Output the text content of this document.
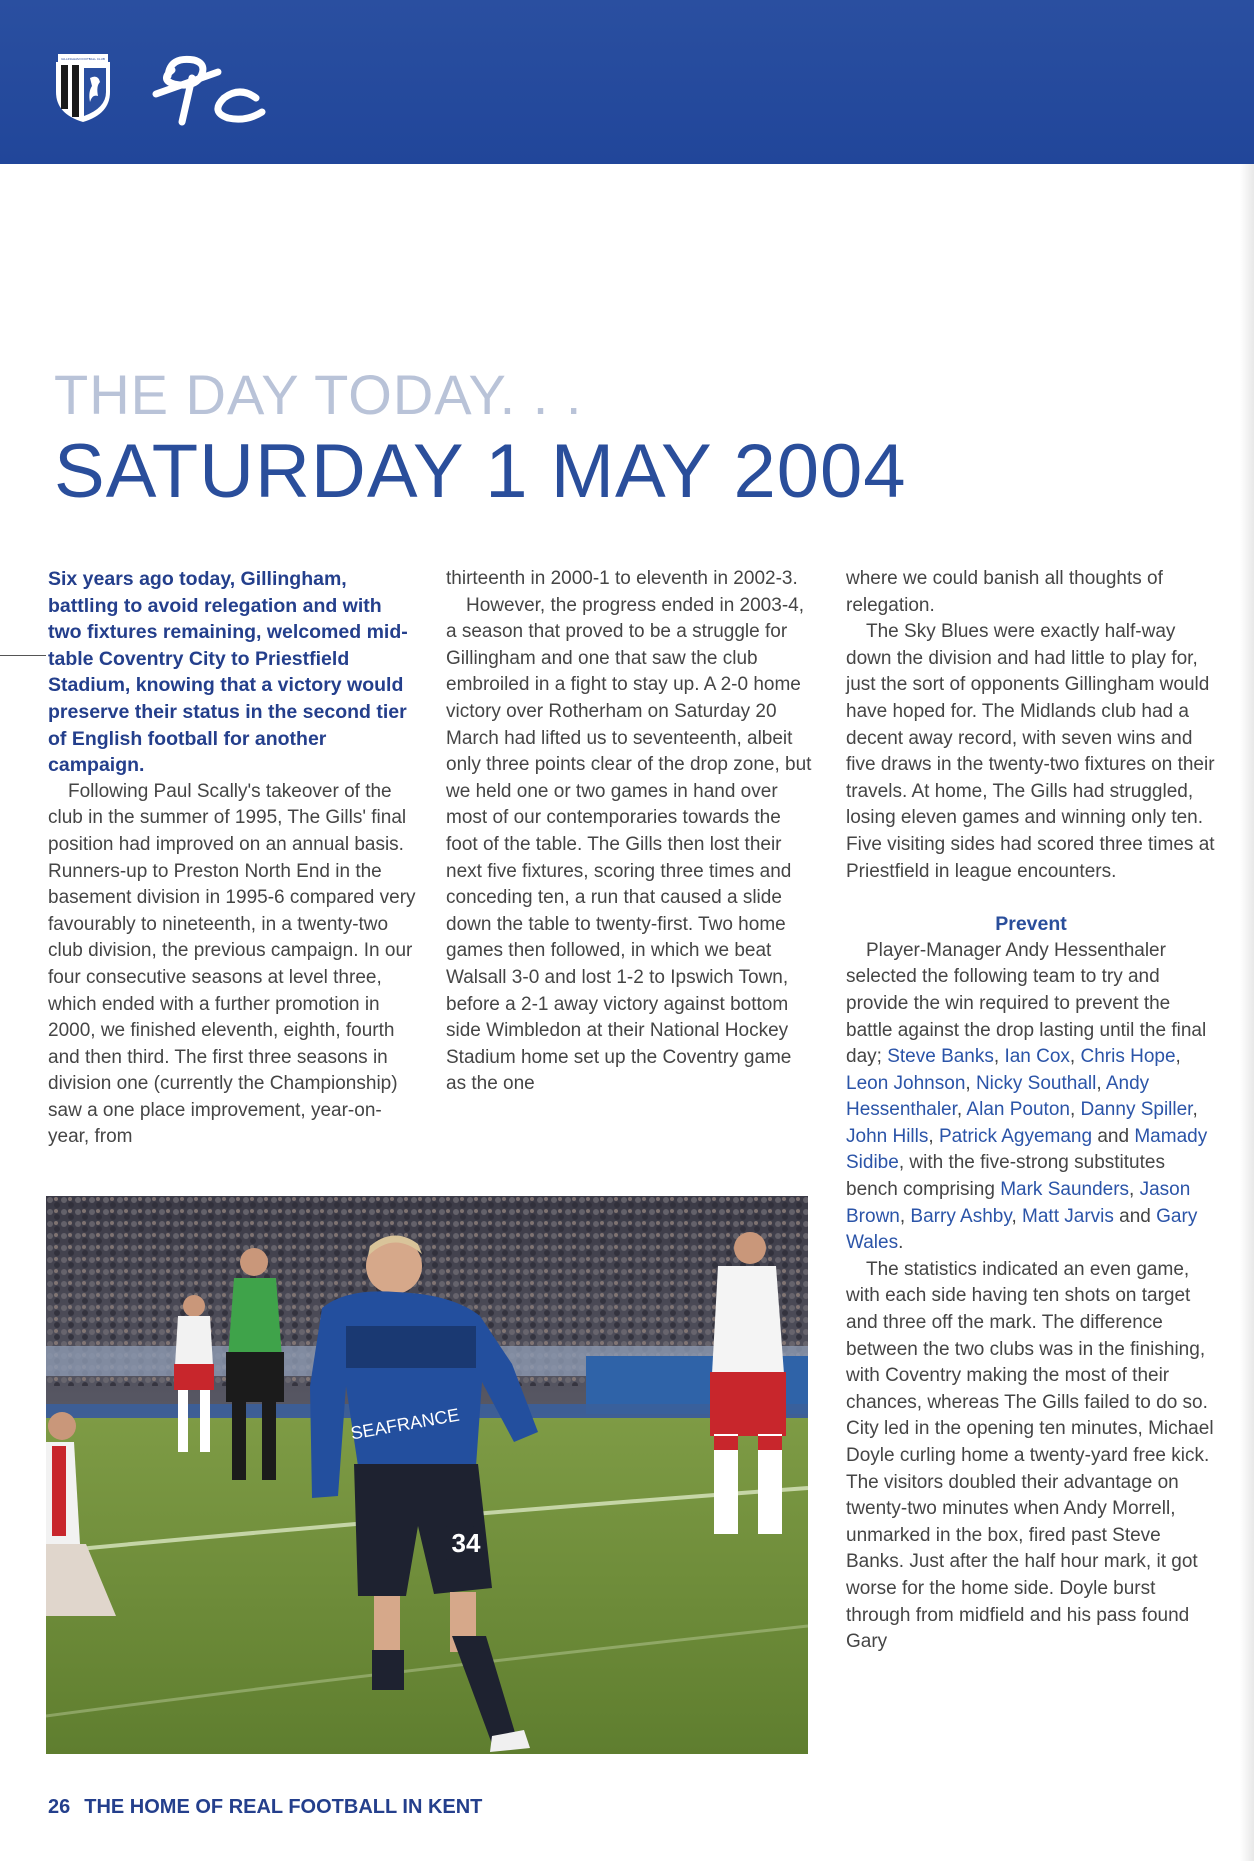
GILLINGHAM FOOTBALL CLUB
THE DAY TODAY. . .
SATURDAY 1 MAY 2004

Six years ago today, Gillingham, battling to avoid relegation and with two fixtures remaining, welcomed mid-table Coventry City to Priestfield Stadium, knowing that a victory would preserve their status in the second tier of English football for another campaign.

Following Paul Scally's takeover of the club in the summer of 1995, The Gills' final position had improved on an annual basis. Runners-up to Preston North End in the basement division in 1995-6 compared very favourably to nineteenth, in a twenty-two club division, the previous campaign. In our four consecutive seasons at level three, which ended with a further promotion in 2000, we finished eleventh, eighth, fourth and then third. The first three seasons in division one (currently the Championship) saw a one place improvement, year-on-year, from

thirteenth in 2000-1 to eleventh in 2002-3.

However, the progress ended in 2003-4, a season that proved to be a struggle for Gillingham and one that saw the club embroiled in a fight to stay up. A 2-0 home victory over Rotherham on Saturday 20 March had lifted us to seventeenth, albeit only three points clear of the drop zone, but we held one or two games in hand over most of our contemporaries towards the foot of the table. The Gills then lost their next five fixtures, scoring three times and conceding ten, a run that caused a slide down the table to twenty-first. Two home games then followed, in which we beat Walsall 3-0 and lost 1-2 to Ipswich Town, before a 2-1 away victory against bottom side Wimbledon at their National Hockey Stadium home set up the Coventry game as the one

where we could banish all thoughts of relegation.

The Sky Blues were exactly half-way down the division and had little to play for, just the sort of opponents Gillingham would have hoped for. The Midlands club had a decent away record, with seven wins and five draws in the twenty-two fixtures on their travels. At home, The Gills had struggled, losing eleven games and winning only ten. Five visiting sides had scored three times at Priestfield in league encounters.

Prevent

Player-Manager Andy Hessenthaler selected the following team to try and provide the win required to prevent the battle against the drop lasting until the final day; Steve Banks, Ian Cox, Chris Hope, Leon Johnson, Nicky Southall, Andy Hessenthaler, Alan Pouton, Danny Spiller, John Hills, Patrick Agyemang and Mamady Sidibe, with the five-strong substitutes bench comprising Mark Saunders, Jason Brown, Barry Ashby, Matt Jarvis and Gary Wales.

The statistics indicated an even game, with each side having ten shots on target and three off the mark. The difference between the two clubs was in the finishing, with Coventry making the most of their chances, whereas The Gills failed to do so. City led in the opening ten minutes, Michael Doyle curling home a twenty-yard free kick. The visitors doubled their advantage on twenty-two minutes when Andy Morrell, unmarked in the box, fired past Steve Banks. Just after the half hour mark, it got worse for the home side. Doyle burst through from midfield and his pass found Gary

SEAFRANCE
34

26 THE HOME OF REAL FOOTBALL IN KENT
